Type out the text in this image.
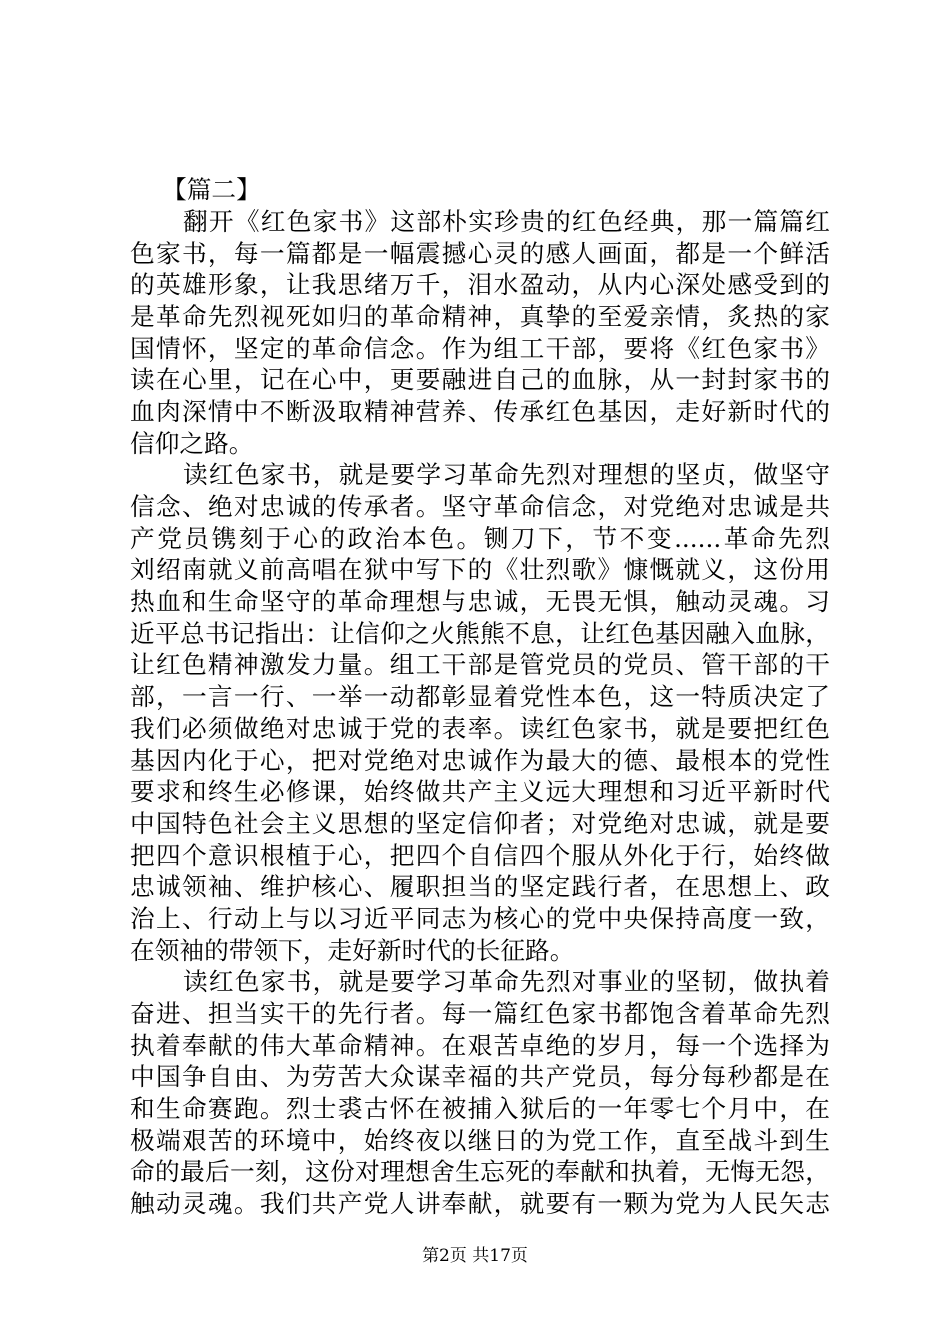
【篇二】
翻开《红色家书》这部朴实珍贵的红色经典，那一篇篇红
色家书，每一篇都是一幅震撼心灵的感人画面，都是一个鲜活
的英雄形象，让我思绪万千，泪水盈动，从内心深处感受到的
是革命先烈视死如归的革命精神，真挚的至爱亲情，炙热的家
国情怀，坚定的革命信念。作为组工干部，要将《红色家书》
读在心里，记在心中，更要融进自己的血脉，从一封封家书的
血肉深情中不断汲取精神营养、传承红色基因，走好新时代的
信仰之路。
读红色家书，就是要学习革命先烈对理想的坚贞，做坚守
信念、绝对忠诚的传承者。坚守革命信念，对党绝对忠诚是共
产党员镌刻于心的政治本色。铡刀下，节不变......革命先烈
刘绍南就义前高唱在狱中写下的《壮烈歌》慷慨就义，这份用
热血和生命坚守的革命理想与忠诚，无畏无惧，触动灵魂。习
近平总书记指出：让信仰之火熊熊不息，让红色基因融入血脉，
让红色精神激发力量。组工干部是管党员的党员、管干部的干
部，一言一行、一举一动都彰显着党性本色，这一特质决定了
我们必须做绝对忠诚于党的表率。读红色家书，就是要把红色
基因内化于心，把对党绝对忠诚作为最大的德、最根本的党性
要求和终生必修课，始终做共产主义远大理想和习近平新时代
中国特色社会主义思想的坚定信仰者；对党绝对忠诚，就是要
把四个意识根植于心，把四个自信四个服从外化于行，始终做
忠诚领袖、维护核心、履职担当的坚定践行者，在思想上、政
治上、行动上与以习近平同志为核心的党中央保持高度一致，
在领袖的带领下，走好新时代的长征路。
读红色家书，就是要学习革命先烈对事业的坚韧，做执着
奋进、担当实干的先行者。每一篇红色家书都饱含着革命先烈
执着奉献的伟大革命精神。在艰苦卓绝的岁月，每一个选择为
中国争自由、为劳苦大众谋幸福的共产党员，每分每秒都是在
和生命赛跑。烈士裘古怀在被捕入狱后的一年零七个月中，在
极端艰苦的环境中，始终夜以继日的为党工作，直至战斗到生
命的最后一刻，这份对理想舍生忘死的奉献和执着，无悔无怨，
触动灵魂。我们共产党人讲奉献，就要有一颗为党为人民矢志
第2页 共17页
